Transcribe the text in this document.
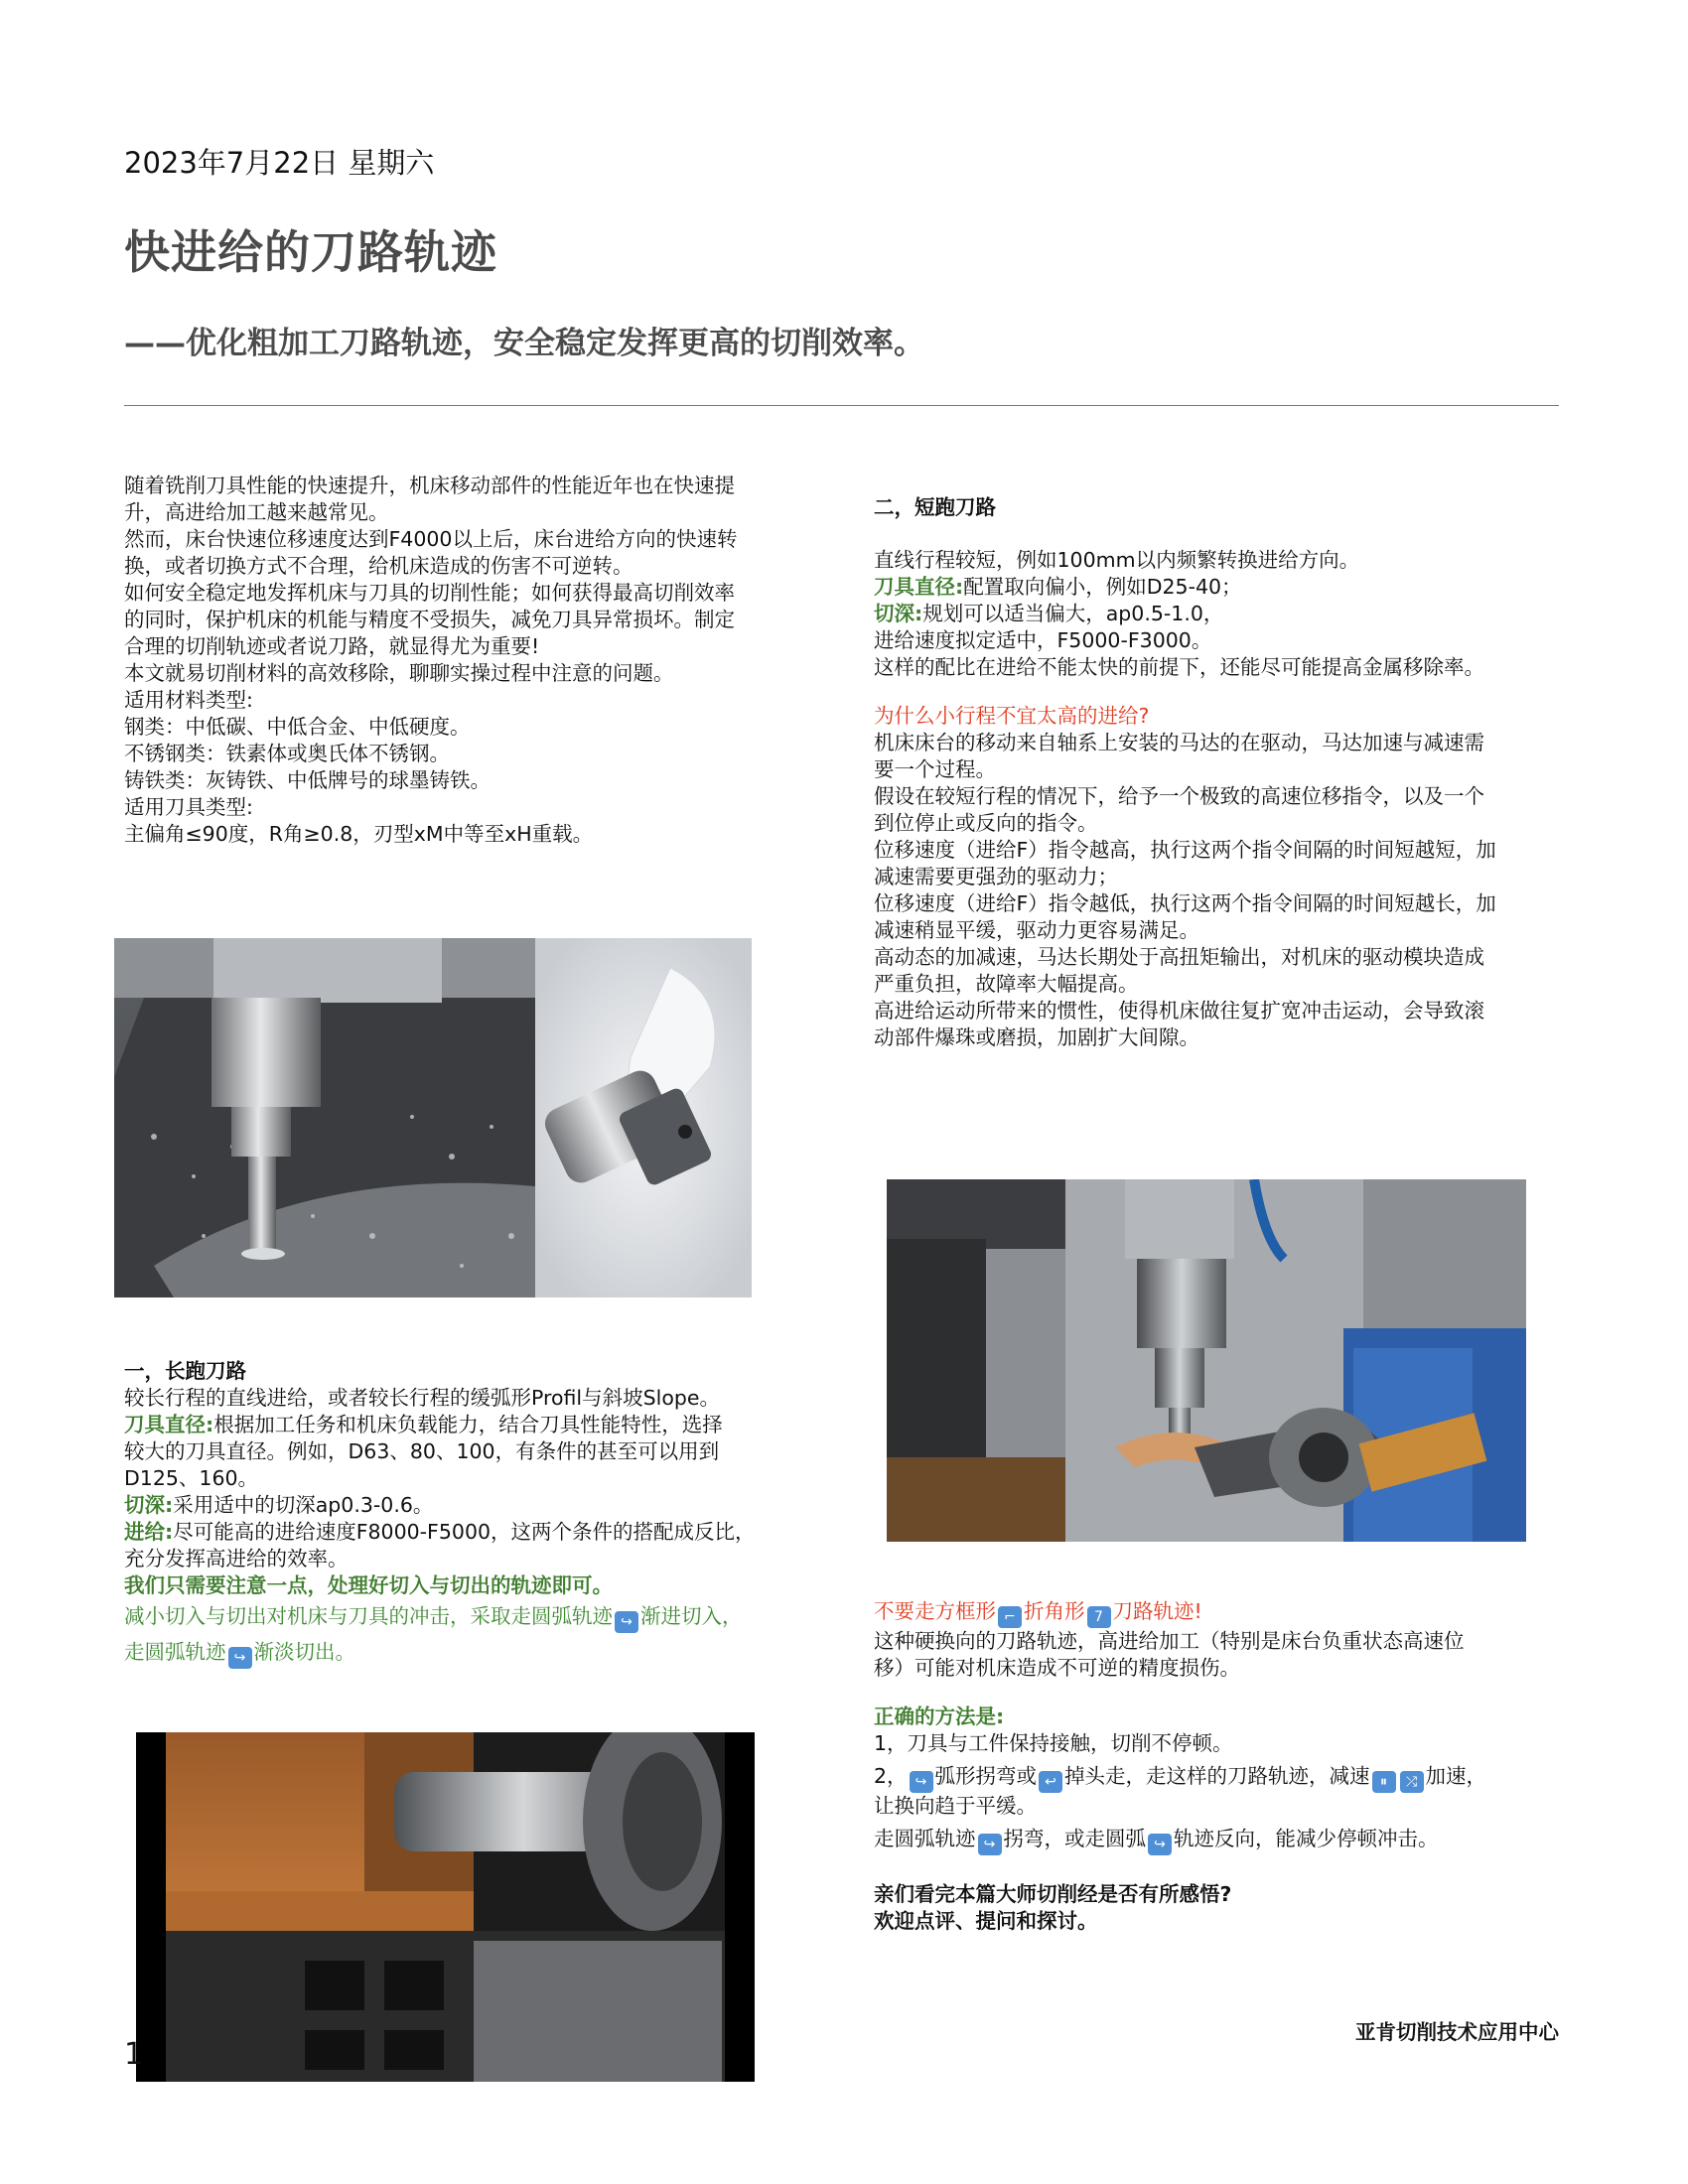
2023年7月22日 星期六
快进给的刀路轨迹
——优化粗加工刀路轨迹，安全稳定发挥更高的切削效率。

随着铣削刀具性能的快速提升，机床移动部件的性能近年也在快速提

升，高进给加工越来越常见。

然而，床台快速位移速度达到F4000以上后，床台进给方向的快速转

换，或者切换方式不合理，给机床造成的伤害不可逆转。

如何安全稳定地发挥机床与刀具的切削性能；如何获得最高切削效率

的同时，保护机床的机能与精度不受损失，减免刀具异常损坏。制定

合理的切削轨迹或者说刀路，就显得尤为重要!

本文就易切削材料的高效移除，聊聊实操过程中注意的问题。

适用材料类型:

钢类：中低碳、中低合金、中低硬度。

不锈钢类：铁素体或奥氏体不锈钢。

铸铁类：灰铸铁、中低牌号的球墨铸铁。

适用刀具类型:

主偏角≤90度，R角≥0.8，刃型xM中等至xH重载。

一，长跑刀路

较长行程的直线进给，或者较长行程的缓弧形Profil与斜坡Slope。

刀具直径:根据加工任务和机床负载能力，结合刀具性能特性，选择

较大的刀具直径。例如，D63、80、100，有条件的甚至可以用到

D125、160。

切深:采用适中的切深ap0.3-0.6。

进给:尽可能高的进给速度F8000-F5000，这两个条件的搭配成反比，

充分发挥高进给的效率。

我们只需要注意一点，处理好切入与切出的轨迹即可。

减小切入与切出对机床与刀具的冲击，采取走圆弧轨迹 ↪ 渐进切入，

走圆弧轨迹 ↪ 渐淡切出。

二，短跑刀路

直线行程较短，例如100mm以内频繁转换进给方向。

刀具直径:配置取向偏小，例如D25-40；

切深:规划可以适当偏大，ap0.5-1.0，

进给速度拟定适中，F5000-F3000。

这样的配比在进给不能太快的前提下，还能尽可能提高金属移除率。

为什么小行程不宜太高的进给?

机床床台的移动来自轴系上安装的马达的在驱动，马达加速与减速需

要一个过程。

假设在较短行程的情况下，给予一个极致的高速位移指令，以及一个

到位停止或反向的指令。

位移速度（进给F）指令越高，执行这两个指令间隔的时间短越短，加

减速需要更强劲的驱动力；

位移速度（进给F）指令越低，执行这两个指令间隔的时间短越长，加

减速稍显平缓，驱动力更容易满足。

高动态的加减速，马达长期处于高扭矩输出，对机床的驱动模块造成

严重负担，故障率大幅提高。

高进给运动所带来的惯性，使得机床做往复扩宽冲击运动，会导致滚

动部件爆珠或磨损，加剧扩大间隙。

不要走方框形 ⌐ 折角形 7 刀路轨迹!

这种硬换向的刀路轨迹，高进给加工（特别是床台负重状态高速位

移）可能对机床造成不可逆的精度损伤。

正确的方法是:

1，刀具与工件保持接触，切削不停顿。

2， ↪ 弧形拐弯或 ↩ 掉头走，走这样的刀路轨迹，减速 ⏸ ⤮ 加速，

让换向趋于平缓。

走圆弧轨迹 ↪ 拐弯，或走圆弧 ↪ 轨迹反向，能减少停顿冲击。

亲们看完本篇大师切削经是否有所感悟?

欢迎点评、提问和探讨。

亚肯切削技术应用中心
1
